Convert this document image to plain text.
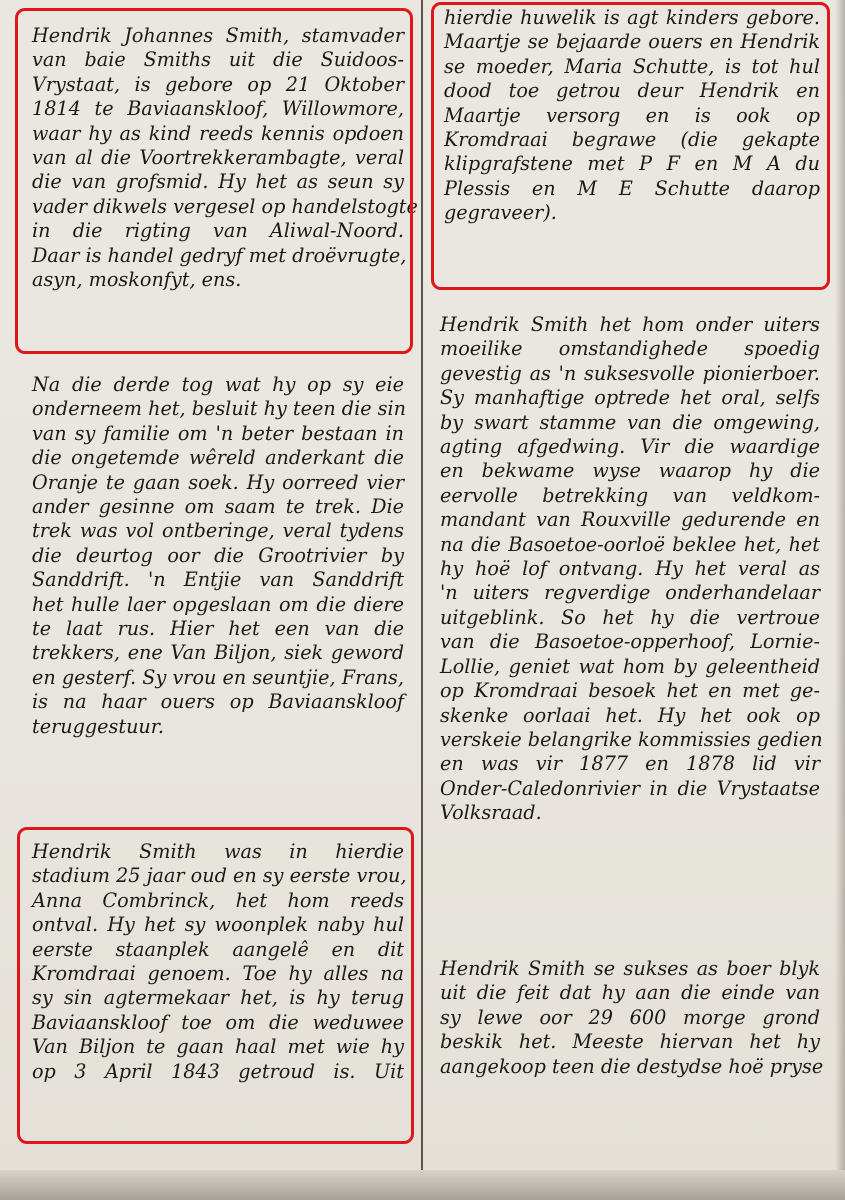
Hendrik Johannes Smith, stamvader
van baie Smiths uit die Suidoos-
Vrystaat, is gebore op 21 Oktober
1814 te Baviaanskloof, Willowmore,
waar hy as kind reeds kennis opdoen
van al die Voortrekkerambagte, veral
die van grofsmid. Hy het as seun sy
vader dikwels vergesel op handelstogte
in die rigting van Aliwal-Noord.
Daar is handel gedryf met droëvrugte,
asyn, moskonfyt, ens.
Na die derde tog wat hy op sy eie
onderneem het, besluit hy teen die sin
van sy familie om 'n beter bestaan in
die ongetemde wêreld anderkant die
Oranje te gaan soek. Hy oorreed vier
ander gesinne om saam te trek. Die
trek was vol ontberinge, veral tydens
die deurtog oor die Grootrivier by
Sanddrift. 'n Entjie van Sanddrift
het hulle laer opgeslaan om die diere
te laat rus. Hier het een van die
trekkers, ene Van Biljon, siek geword
en gesterf. Sy vrou en seuntjie, Frans,
is na haar ouers op Baviaanskloof
teruggestuur.
Hendrik Smith was in hierdie
stadium 25 jaar oud en sy eerste vrou,
Anna Combrinck, het hom reeds
ontval. Hy het sy woonplek naby hul
eerste staanplek aangelê en dit
Kromdraai genoem. Toe hy alles na
sy sin agtermekaar het, is hy terug
Baviaanskloof toe om die weduwee
Van Biljon te gaan haal met wie hy
op 3 April 1843 getroud is. Uit
hierdie huwelik is agt kinders gebore.
Maartje se bejaarde ouers en Hendrik
se moeder, Maria Schutte, is tot hul
dood toe getrou deur Hendrik en
Maartje versorg en is ook op
Kromdraai begrawe (die gekapte
klipgrafstene met P F en M A du
Plessis en M E Schutte daarop
gegraveer).
Hendrik Smith het hom onder uiters
moeilike omstandighede spoedig
gevestig as 'n suksesvolle pionierboer.
Sy manhaftige optrede het oral, selfs
by swart stamme van die omgewing,
agting afgedwing. Vir die waardige
en bekwame wyse waarop hy die
eervolle betrekking van veldkom-
mandant van Rouxville gedurende en
na die Basoetoe-oorloë beklee het, het
hy hoë lof ontvang. Hy het veral as
'n uiters regverdige onderhandelaar
uitgeblink. So het hy die vertroue
van die Basoetoe-opperhoof, Lornie-
Lollie, geniet wat hom by geleentheid
op Kromdraai besoek het en met ge-
skenke oorlaai het. Hy het ook op
verskeie belangrike kommissies gedien
en was vir 1877 en 1878 lid vir
Onder-Caledonrivier in die Vrystaatse
Volksraad.
Hendrik Smith se sukses as boer blyk
uit die feit dat hy aan die einde van
sy lewe oor 29 600 morge grond
beskik het. Meeste hiervan het hy
aangekoop teen die destydse hoë pryse
